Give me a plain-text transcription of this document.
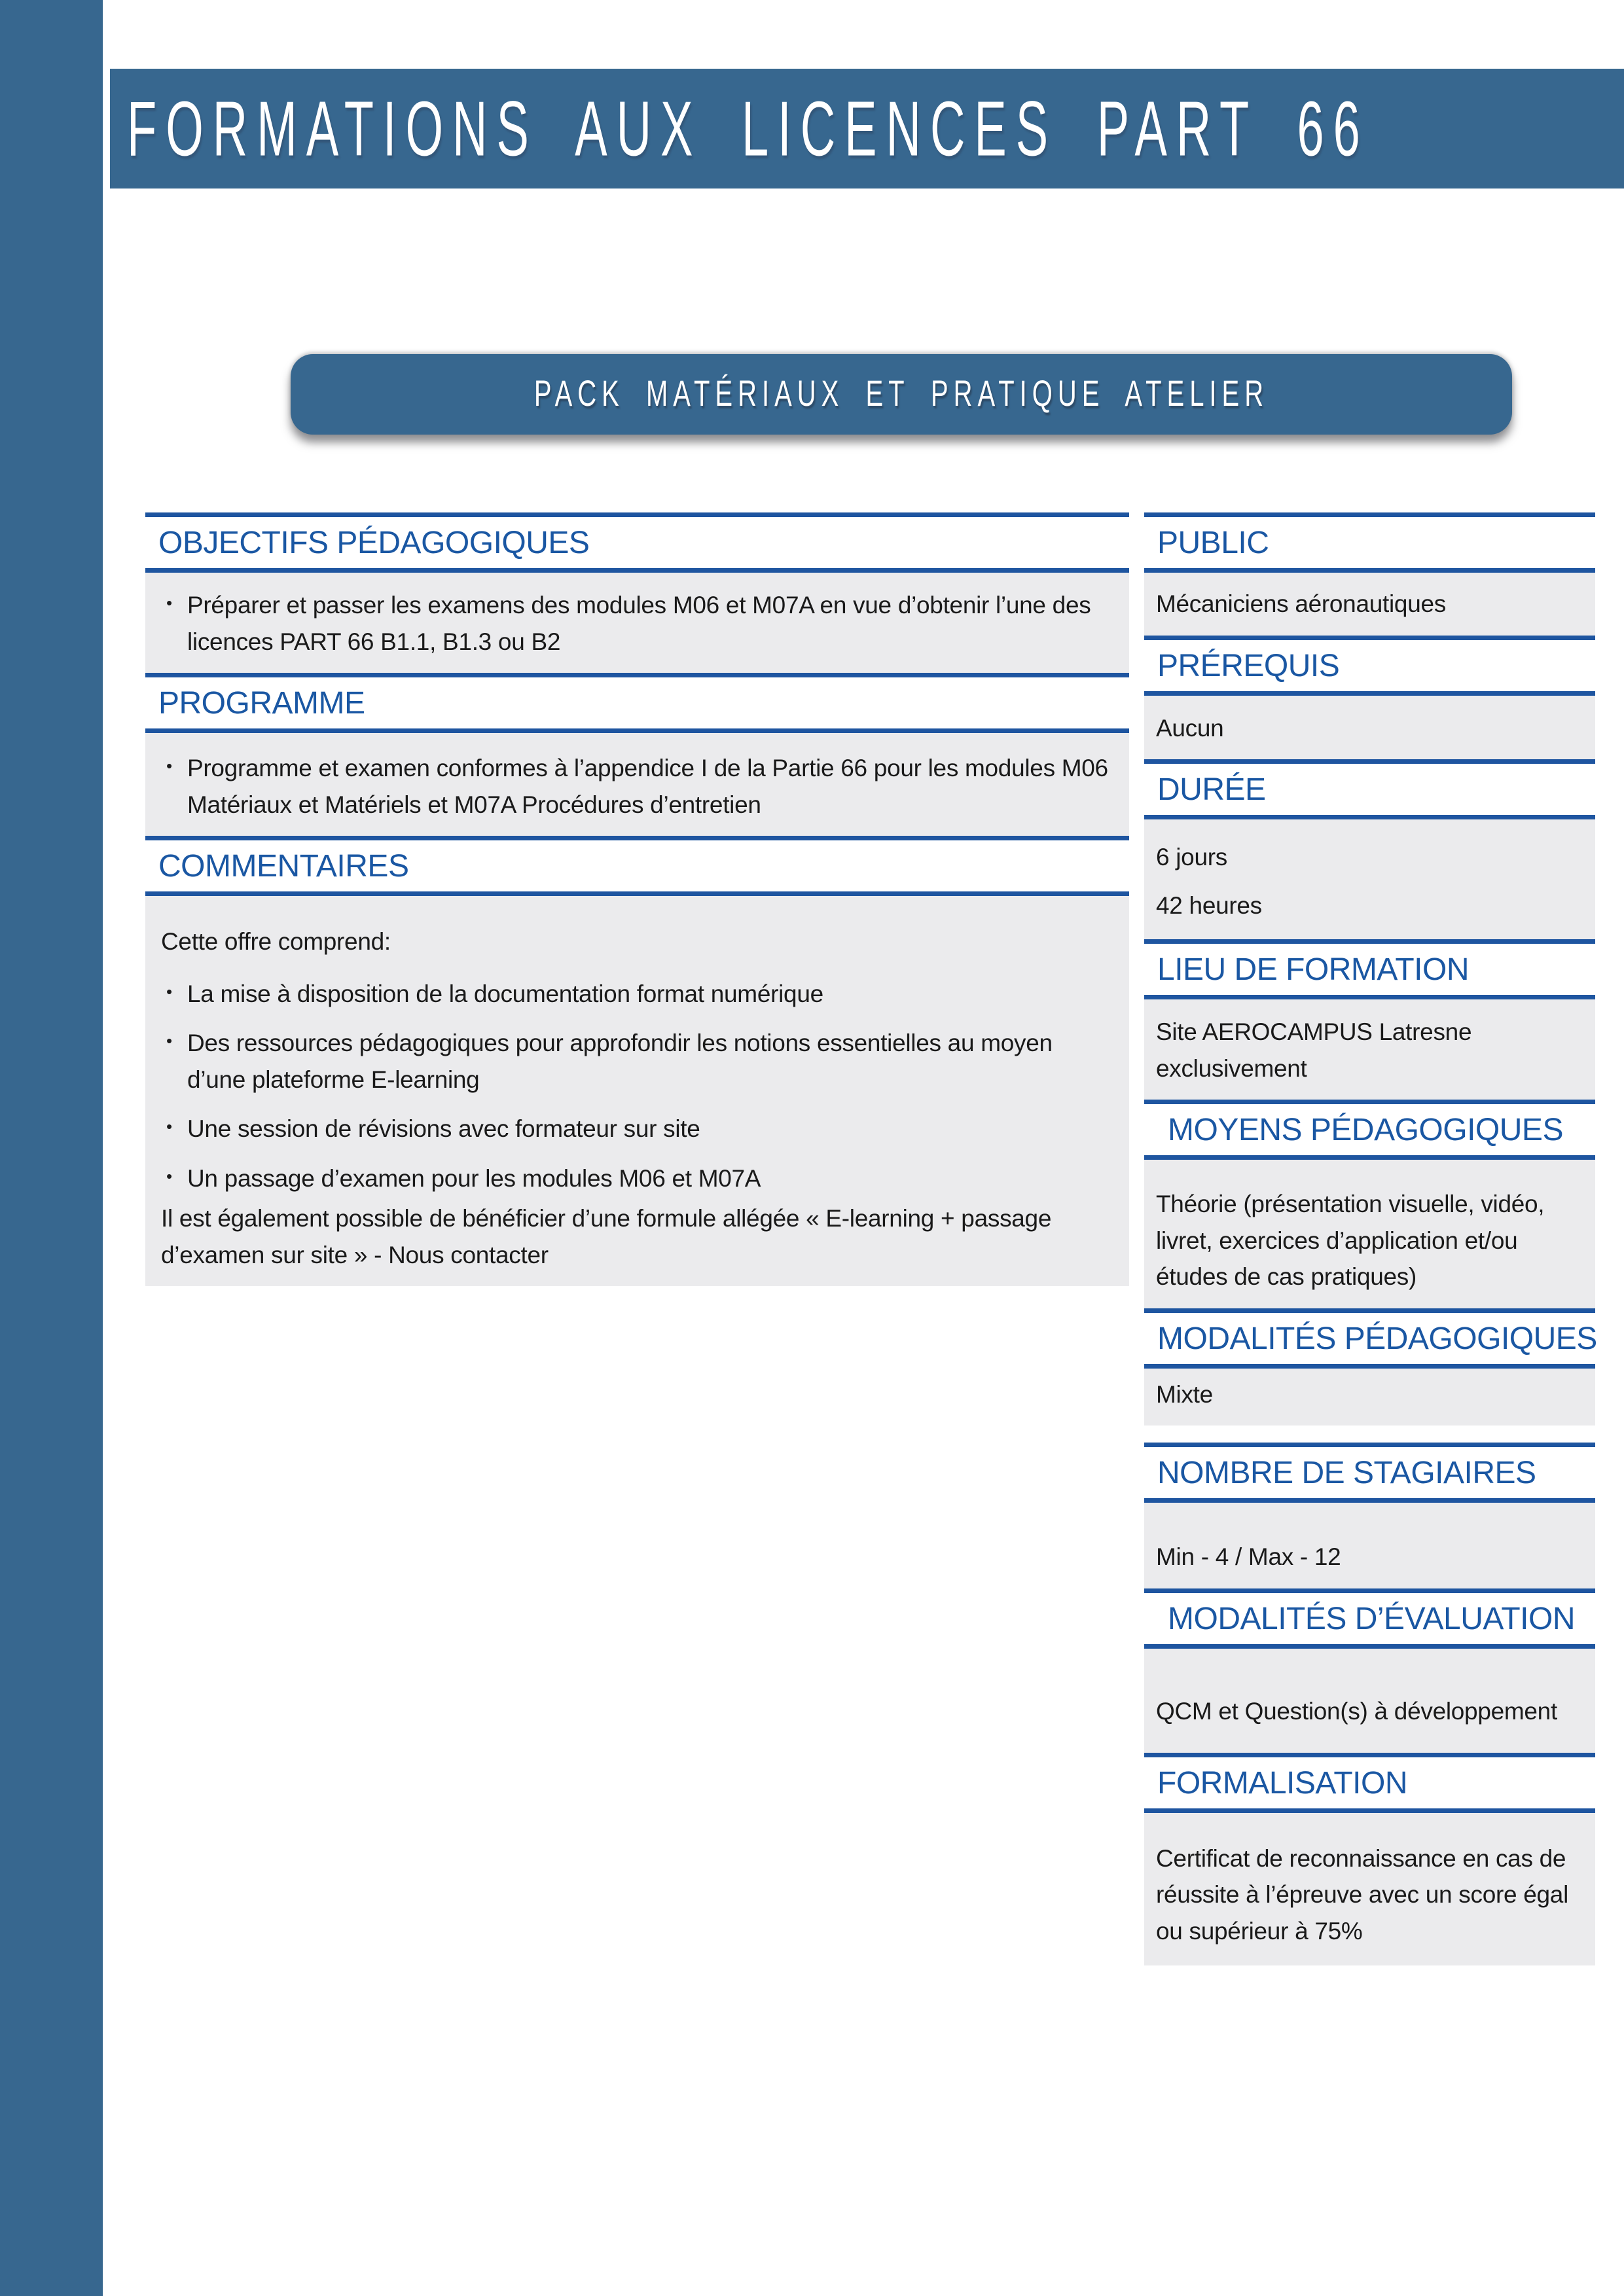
FORMATIONS AUX LICENCES PART 66
PACK MATÉRIAUX ET PRATIQUE ATELIER
OBJECTIFS PÉDAGOGIQUES
• Préparer et passer les examens des modules M06 et M07A en vue d’obtenir l’une des licences PART 66 B1.1, B1.3 ou B2
PROGRAMME
• Programme et examen conformes à l’appendice I de la Partie 66 pour les modules M06 Matériaux et Matériels et M07A Procédures d’entretien
COMMENTAIRES

Cette offre comprend:

• La mise à disposition de la documentation format numérique
• Des ressources pédagogiques pour approfondir les notions essentielles au moyen d’une plateforme E-learning
• Une session de révisions avec formateur sur site
• Un passage d’examen pour les modules M06 et M07A

Il est également possible de bénéficier d’une formule allégée « E-learning + passage d’examen sur site » - Nous contacter

PUBLIC

Mécaniciens aéronautiques

PRÉREQUIS

Aucun

DURÉE

6 jours

42 heures

LIEU DE FORMATION

Site AEROCAMPUS Latresne exclusivement

MOYENS PÉDAGOGIQUES

Théorie (présentation visuelle, vidéo, livret, exercices d’application et/ou études de cas pratiques)

MODALITÉS PÉDAGOGIQUES

Mixte

NOMBRE DE STAGIAIRES

Min - 4 / Max - 12

MODALITÉS D’ÉVALUATION

QCM et Question(s) à développement

FORMALISATION

Certificat de reconnaissance en cas de réussite à l’épreuve avec un score égal ou supérieur à 75%
